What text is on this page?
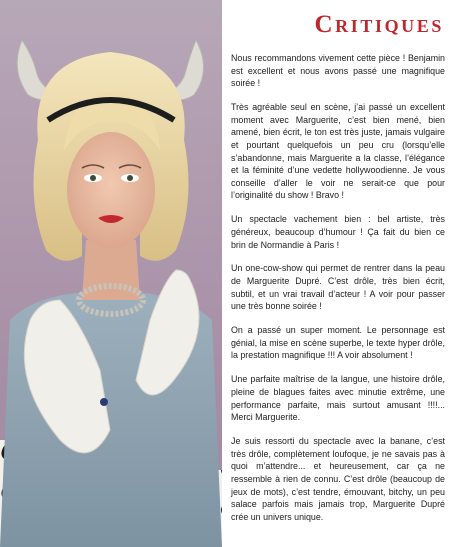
Critiques

Nous recommandons vivement cette pièce ! Benjamin est excellent et nous avons passé une magnifique soirée !

Très agréable seul en scène, j’ai passé un excellent moment avec Marguerite, c’est bien mené, bien amené, bien écrit, le ton est très juste, jamais vulgaire et pourtant quelquefois un peu cru (lorsqu’elle s’abandonne, mais Marguerite a la classe, l’élégance et la féminité d’une vedette hollywoodienne. Je vous conseille d’aller le voir ne serait-ce que pour l’originalité du show ! Bravo !

Un spectacle vachement bien : bel artiste, très généreux, beaucoup d’humour ! Ça fait du bien ce brin de Normandie à Paris !

Un one-cow-show qui permet de rentrer dans la peau de Marguerite Dupré. C’est drôle, très bien écrit, subtil, et un vrai travail d’acteur ! A voir pour passer une très bonne soirée !

On a passé un super moment. Le personnage est génial, la mise en scène superbe, le texte hyper drôle, la prestation magnifique !!! A voir absolument !

Une parfaite maîtrise de la langue, une histoire drôle, pleine de blagues faites avec minutie extrême, une performance parfaite, mais surtout amusant !!!!... Merci Marguerite.

Je suis ressorti du spectacle avec la banane, c’est très drôle, complètement loufoque, je ne savais pas à quoi m’attendre... et heureusement, car ça ne ressemble à rien de connu. C’est drôle (beaucoup de jeux de mots), c’est tendre, émouvant, bitchy, un peu salace parfois mais jamais trop, Marguerite Dupré crée un univers unique.
